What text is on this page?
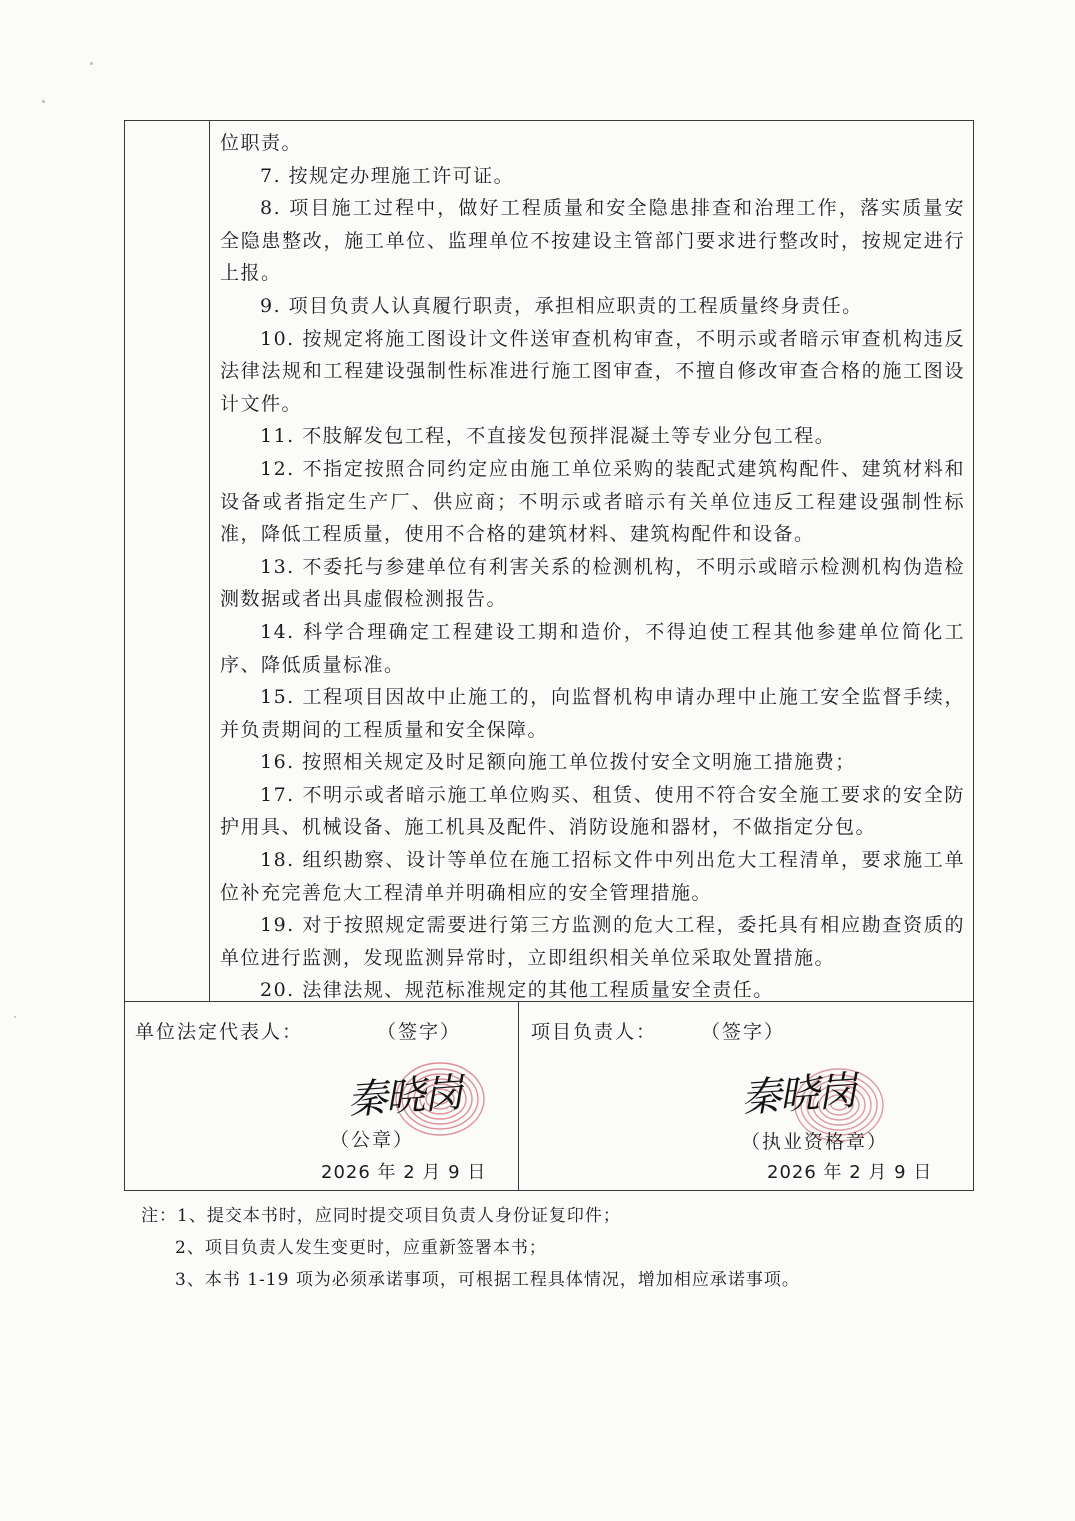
位职责。

7. 按规定办理施工许可证。

8. 项目施工过程中，做好工程质量和安全隐患排查和治理工作，落实质量安全隐患整改，施工单位、监理单位不按建设主管部门要求进行整改时，按规定进行上报。

9. 项目负责人认真履行职责，承担相应职责的工程质量终身责任。

10. 按规定将施工图设计文件送审查机构审查，不明示或者暗示审查机构违反法律法规和工程建设强制性标准进行施工图审查，不擅自修改审查合格的施工图设计文件。

11. 不肢解发包工程，不直接发包预拌混凝土等专业分包工程。

12. 不指定按照合同约定应由施工单位采购的装配式建筑构配件、建筑材料和设备或者指定生产厂、供应商；不明示或者暗示有关单位违反工程建设强制性标准，降低工程质量，使用不合格的建筑材料、建筑构配件和设备。

13. 不委托与参建单位有利害关系的检测机构，不明示或暗示检测机构伪造检测数据或者出具虚假检测报告。

14. 科学合理确定工程建设工期和造价，不得迫使工程其他参建单位简化工序、降低质量标准。

15. 工程项目因故中止施工的，向监督机构申请办理中止施工安全监督手续，并负责期间的工程质量和安全保障。

16. 按照相关规定及时足额向施工单位拨付安全文明施工措施费；

17. 不明示或者暗示施工单位购买、租赁、使用不符合安全施工要求的安全防护用具、机械设备、施工机具及配件、消防设施和器材，不做指定分包。

18. 组织勘察、设计等单位在施工招标文件中列出危大工程清单，要求施工单位补充完善危大工程清单并明确相应的安全管理措施。

19. 对于按照规定需要进行第三方监测的危大工程，委托具有相应勘查资质的单位进行监测，发现监测异常时，立即组织相关单位采取处置措施。

20. 法律法规、规范标准规定的其他工程质量安全责任。

单位法定代表人：	（签字）
秦晓岗
（公章）
2026 年 2 月 9 日
项目负责人： （签字）
秦晓岗
（执业资格章）
2026 年 2 月 9 日
注：1、提交本书时，应同时提交项目负责人身份证复印件；
2、项目负责人发生变更时，应重新签署本书；
3、本书 1-19 项为必须承诺事项，可根据工程具体情况，增加相应承诺事项。
